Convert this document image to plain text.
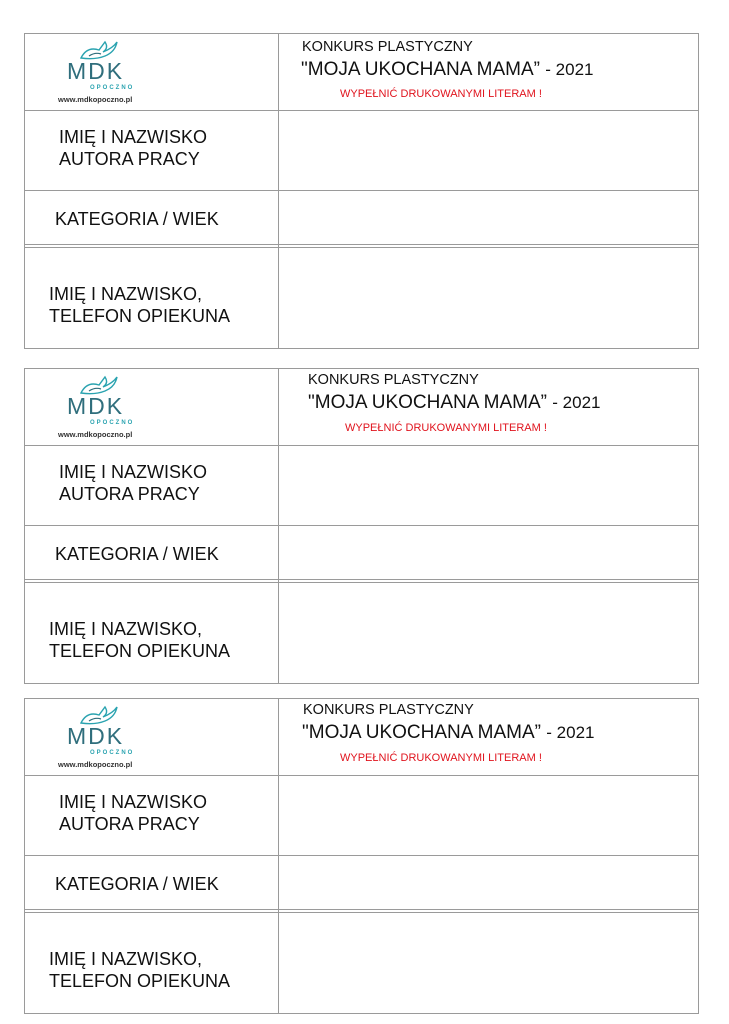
MDK
OPOCZNO
www.mdkopoczno.pl
KONKURS PLASTYCZNY
"MOJA UKOCHANA MAMA” - 2021
WYPEŁNIĆ DRUKOWANYMI LITERAM !
IMIĘ I NAZWISKO
AUTORA PRACY
KATEGORIA / WIEK
IMIĘ I NAZWISKO,
TELEFON OPIEKUNA
MDK
OPOCZNO
www.mdkopoczno.pl
KONKURS PLASTYCZNY
"MOJA UKOCHANA MAMA” - 2021
WYPEŁNIĆ DRUKOWANYMI LITERAM !
IMIĘ I NAZWISKO
AUTORA PRACY
KATEGORIA / WIEK
IMIĘ I NAZWISKO,
TELEFON OPIEKUNA
MDK
OPOCZNO
www.mdkopoczno.pl
KONKURS PLASTYCZNY
"MOJA UKOCHANA MAMA” - 2021
WYPEŁNIĆ DRUKOWANYMI LITERAM !
IMIĘ I NAZWISKO
AUTORA PRACY
KATEGORIA / WIEK
IMIĘ I NAZWISKO,
TELEFON OPIEKUNA
